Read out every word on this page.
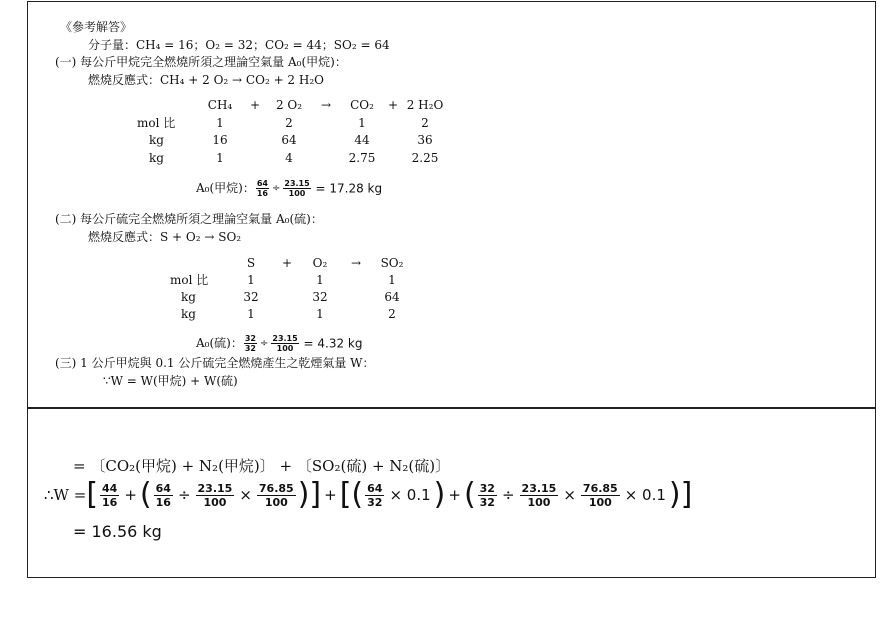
《參考解答》
分子量：CH₄ = 16；O₂ = 32；CO₂ = 44；SO₂ = 64
(一) 每公斤甲烷完全燃燒所須之理論空氣量 A₀(甲烷)：
燃燒反應式：CH₄ + 2 O₂ → CO₂ + 2 H₂O
CH₄ + 2 O₂ → CO₂ + 2 H₂O
mol 比	1	2	1	2
kg	16	64	44	36
kg	1	4	2.75	2.25
A₀(甲烷)： $\frac{64}{16} \div \frac{23.15}{100} = 17.28$ kg
(二) 每公斤硫完全燃燒所須之理論空氣量 A₀(硫)：
燃燒反應式：S + O₂ → SO₂
S + O₂ → SO₂
mol 比	1	1	1
kg	32	32	64
kg	1	1	2
A₀(硫)： $\frac{32}{32} \div \frac{23.15}{100} = 4.32$ kg
(三) 1 公斤甲烷與 0.1 公斤硫完全燃燒產生之乾煙氣量 W：
∵W = W(甲烷) + W(硫)
= 〔CO₂(甲烷) + N₂(甲烷)〕 + 〔SO₂(硫) + N₂(硫)〕
∴W = [ $\frac{44}{16}$ + ( $\frac{64}{16} \div \frac{23.15}{100} \times \frac{76.85}{100}$ )] + [( $\frac{64}{32} \times 0.1$ ) + ( $\frac{32}{32} \div \frac{23.15}{100} \times \frac{76.85}{100} \times 0.1$ )]
= 16.56 kg
